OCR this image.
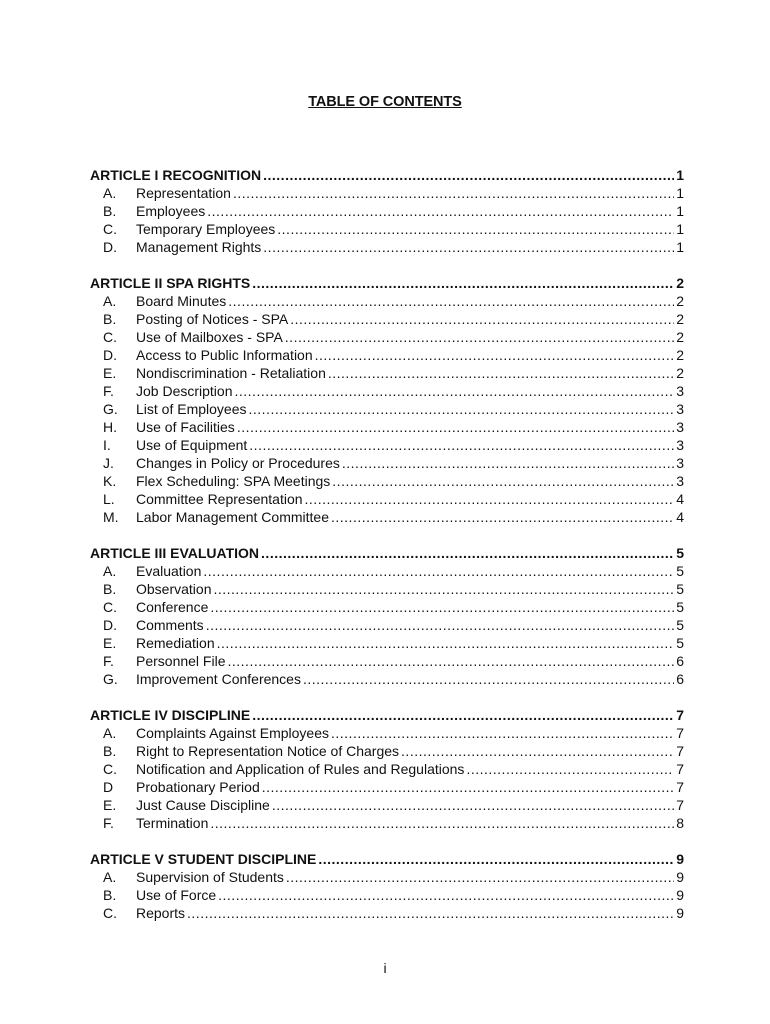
TABLE OF CONTENTS
ARTICLE I RECOGNITION .....	1
A.	Representation .....	1
B.	Employees .....	1
C.	Temporary Employees .....	1
D.	Management Rights .....	1
ARTICLE II SPA RIGHTS .....	2
A.	Board Minutes .....	2
B.	Posting of Notices - SPA .....	2
C.	Use of Mailboxes - SPA .....	2
D.	Access to Public Information .....	2
E.	Nondiscrimination - Retaliation .....	2
F.	Job Description .....	3
G.	List of Employees .....	3
H.	Use of Facilities .....	3
I.	Use of Equipment .....	3
J.	Changes in Policy or Procedures .....	3
K.	Flex Scheduling: SPA Meetings .....	3
L.	Committee Representation .....	4
M.	Labor Management Committee .....	4
ARTICLE III EVALUATION .....	5
A.	Evaluation .....	5
B.	Observation .....	5
C.	Conference .....	5
D.	Comments .....	5
E.	Remediation .....	5
F.	Personnel File .....	6
G.	Improvement Conferences .....	6
ARTICLE IV DISCIPLINE .....	7
A.	Complaints Against Employees .....	7
B.	Right to Representation Notice of Charges .....	7
C.	Notification and Application of Rules and Regulations .....	7
D	Probationary Period .....	7
E.	Just Cause Discipline .....	7
F.	Termination .....	8
ARTICLE V STUDENT DISCIPLINE .....	9
A.	Supervision of Students .....	9
B.	Use of Force .....	9
C.	Reports .....	9
i
